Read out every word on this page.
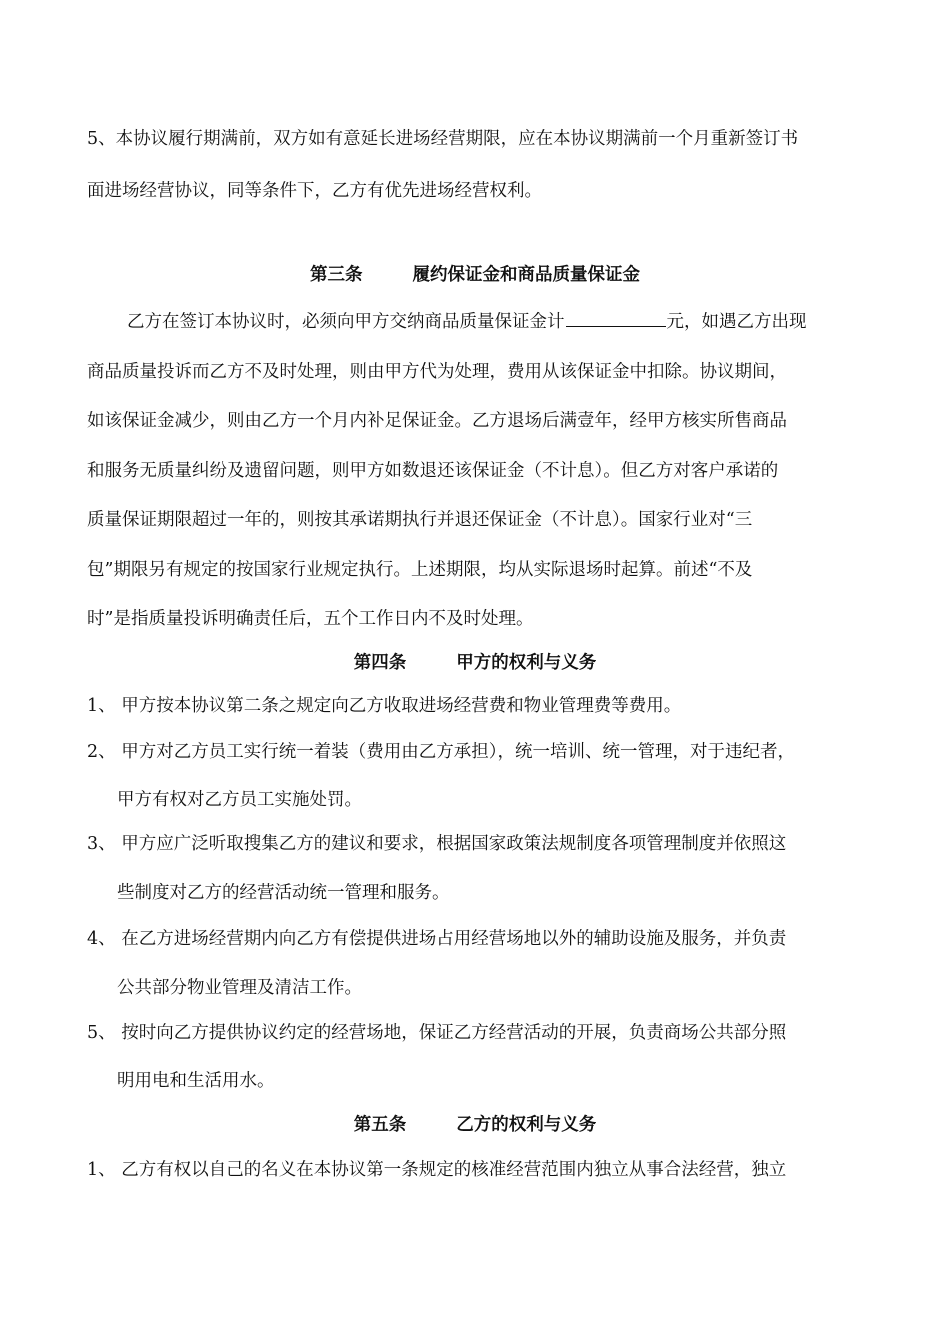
5、本协议履行期满前，双方如有意延长进场经营期限，应在本协议期满前一个月重新签订书
面进场经营协议，同等条件下，乙方有优先进场经营权利。
第三条	履约保证金和商品质量保证金
乙方在签订本协议时，必须向甲方交纳商品质量保证金计	元，如遇乙方出现
商品质量投诉而乙方不及时处理，则由甲方代为处理，费用从该保证金中扣除。协议期间，
如该保证金减少，则由乙方一个月内补足保证金。乙方退场后满壹年，经甲方核实所售商品
和服务无质量纠纷及遗留问题，则甲方如数退还该保证金（不计息）。但乙方对客户承诺的
质量保证期限超过一年的，则按其承诺期执行并退还保证金（不计息）。国家行业对“三
包”期限另有规定的按国家行业规定执行。上述期限，均从实际退场时起算。前述“不及
时”是指质量投诉明确责任后，五个工作日内不及时处理。
第四条	甲方的权利与义务
1、 甲方按本协议第二条之规定向乙方收取进场经营费和物业管理费等费用。
2、 甲方对乙方员工实行统一着装（费用由乙方承担），统一培训、统一管理，对于违纪者，
甲方有权对乙方员工实施处罚。
3、 甲方应广泛听取搜集乙方的建议和要求，根据国家政策法规制度各项管理制度并依照这
些制度对乙方的经营活动统一管理和服务。
4、 在乙方进场经营期内向乙方有偿提供进场占用经营场地以外的辅助设施及服务，并负责
公共部分物业管理及清洁工作。
5、 按时向乙方提供协议约定的经营场地，保证乙方经营活动的开展，负责商场公共部分照
明用电和生活用水。
第五条	乙方的权利与义务
1、 乙方有权以自己的名义在本协议第一条规定的核准经营范围内独立从事合法经营，独立
